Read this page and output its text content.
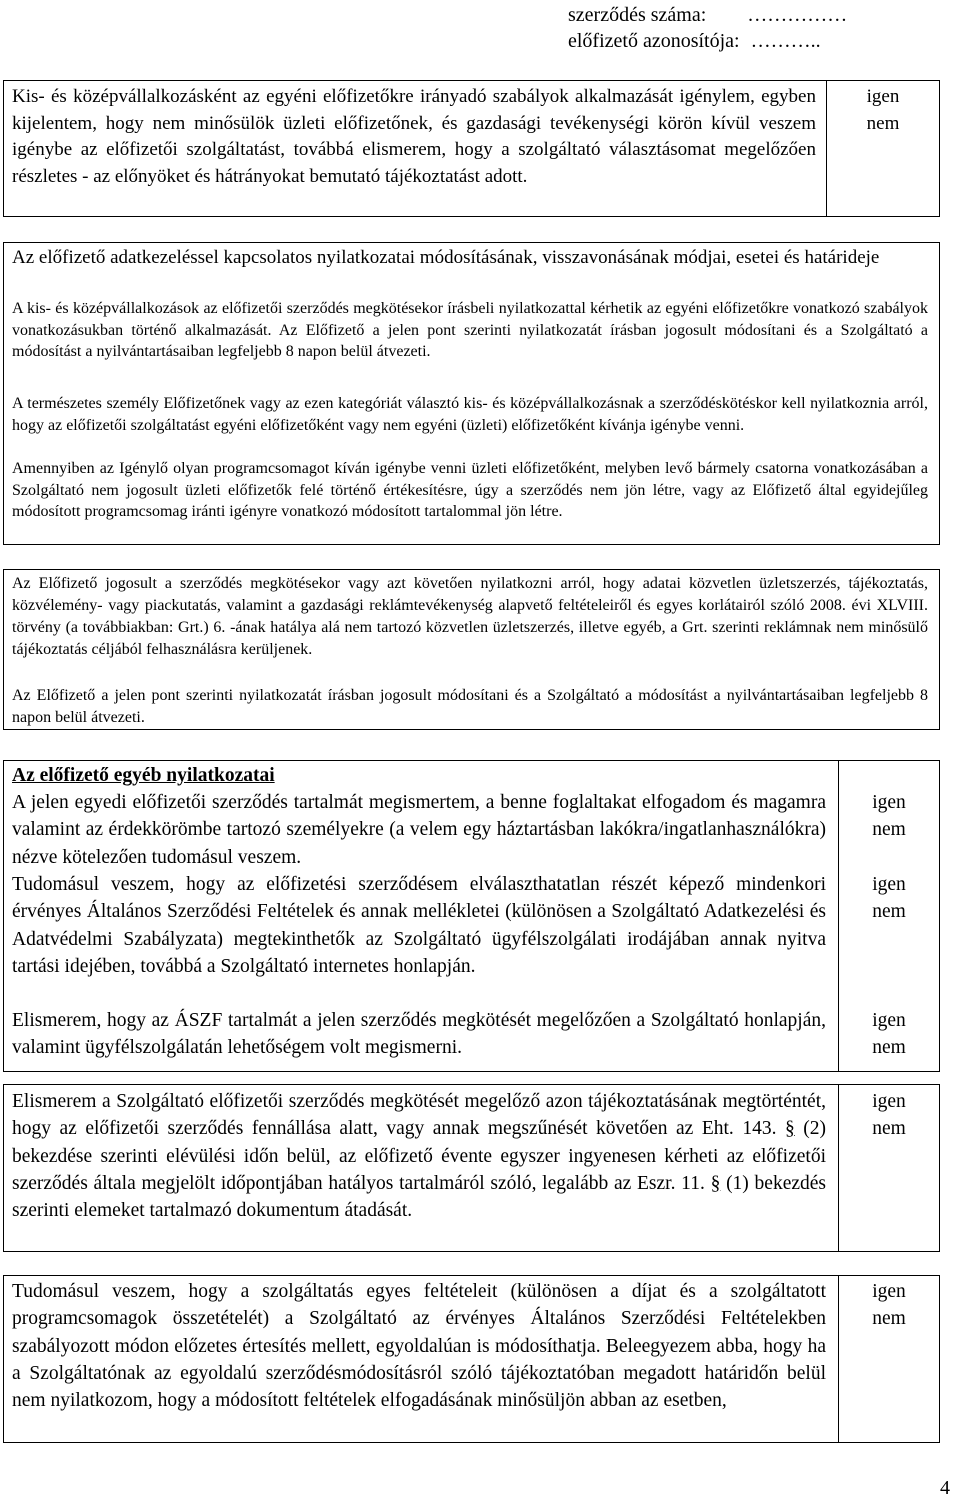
szerződés száma: ……………
előfizető azonosítója: ………..
Kis- és középvállalkozásként az egyéni előfizetőkre irányadó szabályok alkalmazását igénylem, egyben kijelentem, hogy nem minősülök üzleti előfizetőnek, és gazdasági tevékenységi körön kívül veszem igénybe az előfizetői szolgáltatást, továbbá elismerem, hogy a szolgáltató választásomat megelőzően részletes - az előnyöket és hátrányokat bemutató tájékoztatást adott.
igen
nem
Az előfizető adatkezeléssel kapcsolatos nyilatkozatai módosításának, visszavonásának módjai, esetei és határideje
A kis- és középvállalkozások az előfizetői szerződés megkötésekor írásbeli nyilatkozattal kérhetik az egyéni előfizetőkre vonatkozó szabályok vonatkozásukban történő alkalmazását. Az Előfizető a jelen pont szerinti nyilatkozatát írásban jogosult módosítani és a Szolgáltató a módosítást a nyilvántartásaiban legfeljebb 8 napon belül átvezeti.
A természetes személy Előfizetőnek vagy az ezen kategóriát választó kis- és középvállalkozásnak a szerződéskötéskor kell nyilatkoznia arról, hogy az előfizetői szolgáltatást egyéni előfizetőként vagy nem egyéni (üzleti) előfizetőként kívánja igénybe venni.
Amennyiben az Igénylő olyan programcsomagot kíván igénybe venni üzleti előfizetőként, melyben levő bármely csatorna vonatkozásában a Szolgáltató nem jogosult üzleti előfizetők felé történő értékesítésre, úgy a szerződés nem jön létre, vagy az Előfizető által egyidejűleg módosított programcsomag iránti igényre vonatkozó módosított tartalommal jön létre.
Az Előfizető jogosult a szerződés megkötésekor vagy azt követően nyilatkozni arról, hogy adatai közvetlen üzletszerzés, tájékoztatás, közvélemény- vagy piackutatás, valamint a gazdasági reklámtevékenység alapvető feltételeiről és egyes korlátairól szóló 2008. évi XLVIII. törvény (a továbbiakban: Grt.) 6. -ának hatálya alá nem tartozó közvetlen üzletszerzés, illetve egyéb, a Grt. szerinti reklámnak nem minősülő tájékoztatás céljából felhasználásra kerüljenek.
Az Előfizető a jelen pont szerinti nyilatkozatát írásban jogosult módosítani és a Szolgáltató a módosítást a nyilvántartásaiban legfeljebb 8 napon belül átvezeti.
Az előfizető egyéb nyilatkozatai
A jelen egyedi előfizetői szerződés tartalmát megismertem, a benne foglaltakat elfogadom és magamra valamint az érdekkörömbe tartozó személyekre (a velem egy háztartásban lakókra/ingatlanhasználókra) nézve kötelezően tudomásul veszem.
igen
nem
Tudomásul veszem, hogy az előfizetési szerződésem elválaszthatatlan részét képező mindenkori érvényes Általános Szerződési Feltételek és annak mellékletei (különösen a Szolgáltató Adatkezelési és Adatvédelmi Szabályzata) megtekinthetők az Szolgáltató ügyfélszolgálati irodájában annak nyitva tartási idejében, továbbá a Szolgáltató internetes honlapján.
igen
nem
Elismerem, hogy az ÁSZF tartalmát a jelen szerződés megkötését megelőzően a Szolgáltató honlapján, valamint ügyfélszolgálatán lehetőségem volt megismerni.
igen
nem
Elismerem a Szolgáltató előfizetői szerződés megkötését megelőző azon tájékoztatásának megtörténtét, hogy az előfizetői szerződés fennállása alatt, vagy annak megszűnését követően az Eht. 143. § (2) bekezdése szerinti elévülési időn belül, az előfizető évente egyszer ingyenesen kérheti az előfizetői szerződés általa megjelölt időpontjában hatályos tartalmáról szóló, legalább az Eszr. 11. § (1) bekezdés szerinti elemeket tartalmazó dokumentum átadását.
igen
nem
Tudomásul veszem, hogy a szolgáltatás egyes feltételeit (különösen a díjat és a szolgáltatott programcsomagok összetételét) a Szolgáltató az érvényes Általános Szerződési Feltételekben szabályozott módon előzetes értesítés mellett, egyoldalúan is módosíthatja. Beleegyezem abba, hogy ha a Szolgáltatónak az egyoldalú szerződésmódosításról szóló tájékoztatóban megadott határidőn belül nem nyilatkozom, hogy a módosított feltételek elfogadásának minősüljön abban az esetben,
igen
nem
4
